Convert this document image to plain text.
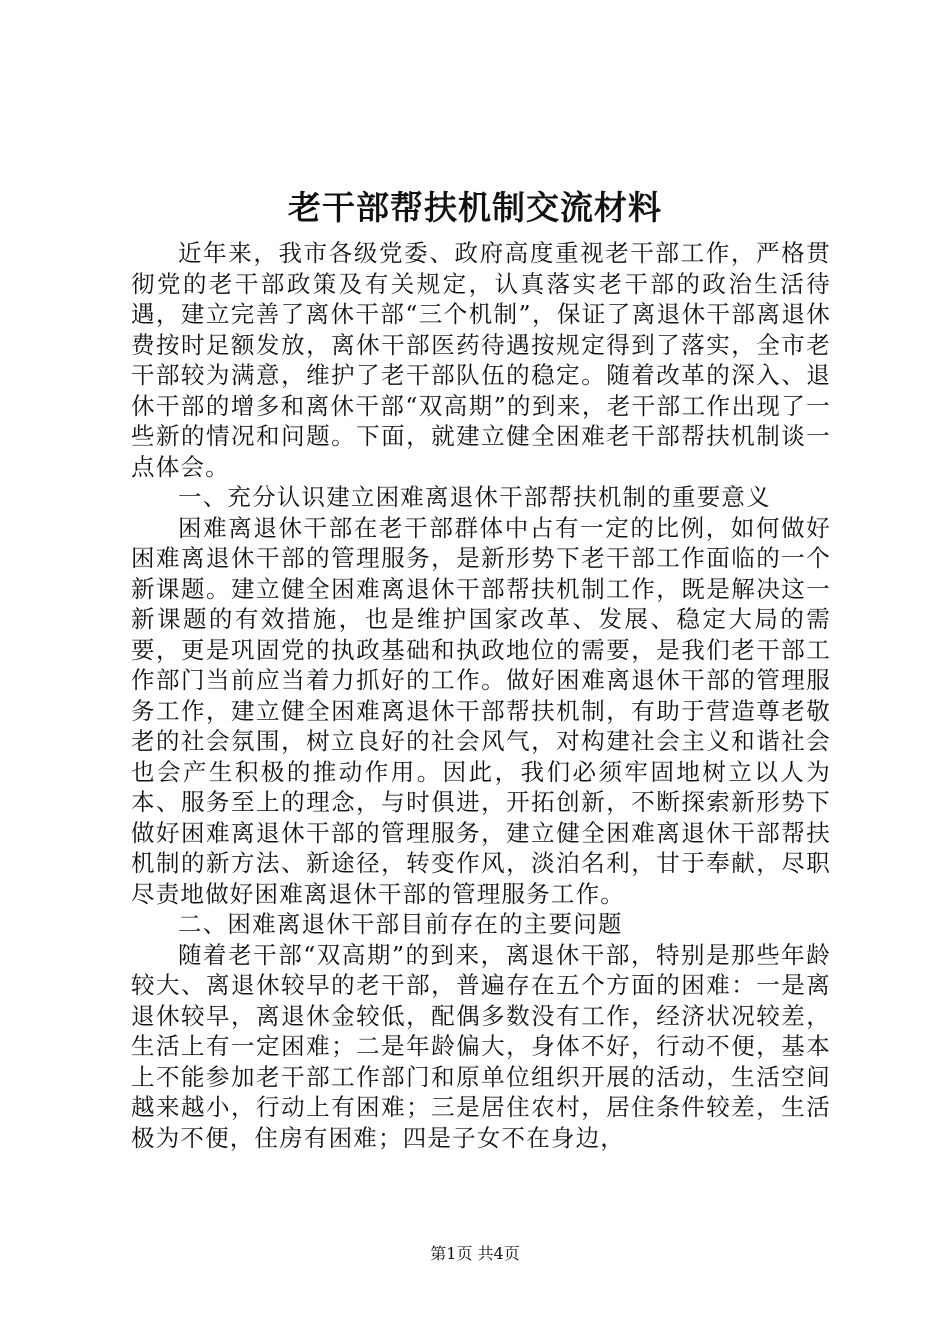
老干部帮扶机制交流材料

近年来，我市各级党委、政府高度重视老干部工作，严格贯彻党的老干部政策及有关规定，认真落实老干部的政治生活待遇，建立完善了离休干部“三个机制”，保证了离退休干部离退休费按时足额发放，离休干部医药待遇按规定得到了落实，全市老干部较为满意，维护了老干部队伍的稳定。随着改革的深入、退休干部的增多和离休干部“双高期”的到来，老干部工作出现了一些新的情况和问题。下面，就建立健全困难老干部帮扶机制谈一点体会。

一、充分认识建立困难离退休干部帮扶机制的重要意义

困难离退休干部在老干部群体中占有一定的比例，如何做好困难离退休干部的管理服务，是新形势下老干部工作面临的一个新课题。建立健全困难离退休干部帮扶机制工作，既是解决这一新课题的有效措施，也是维护国家改革、发展、稳定大局的需要，更是巩固党的执政基础和执政地位的需要，是我们老干部工作部门当前应当着力抓好的工作。做好困难离退休干部的管理服务工作，建立健全困难离退休干部帮扶机制，有助于营造尊老敬老的社会氛围，树立良好的社会风气，对构建社会主义和谐社会也会产生积极的推动作用。因此，我们必须牢固地树立以人为本、服务至上的理念，与时俱进，开拓创新，不断探索新形势下做好困难离退休干部的管理服务，建立健全困难离退休干部帮扶机制的新方法、新途径，转变作风，淡泊名利，甘于奉献，尽职尽责地做好困难离退休干部的管理服务工作。

二、困难离退休干部目前存在的主要问题

随着老干部“双高期”的到来，离退休干部，特别是那些年龄较大、离退休较早的老干部，普遍存在五个方面的困难：一是离退休较早，离退休金较低，配偶多数没有工作，经济状况较差，生活上有一定困难；二是年龄偏大，身体不好，行动不便，基本上不能参加老干部工作部门和原单位组织开展的活动，生活空间越来越小，行动上有困难；三是居住农村，居住条件较差，生活极为不便，住房有困难；四是子女不在身边，

第1页 共4页
